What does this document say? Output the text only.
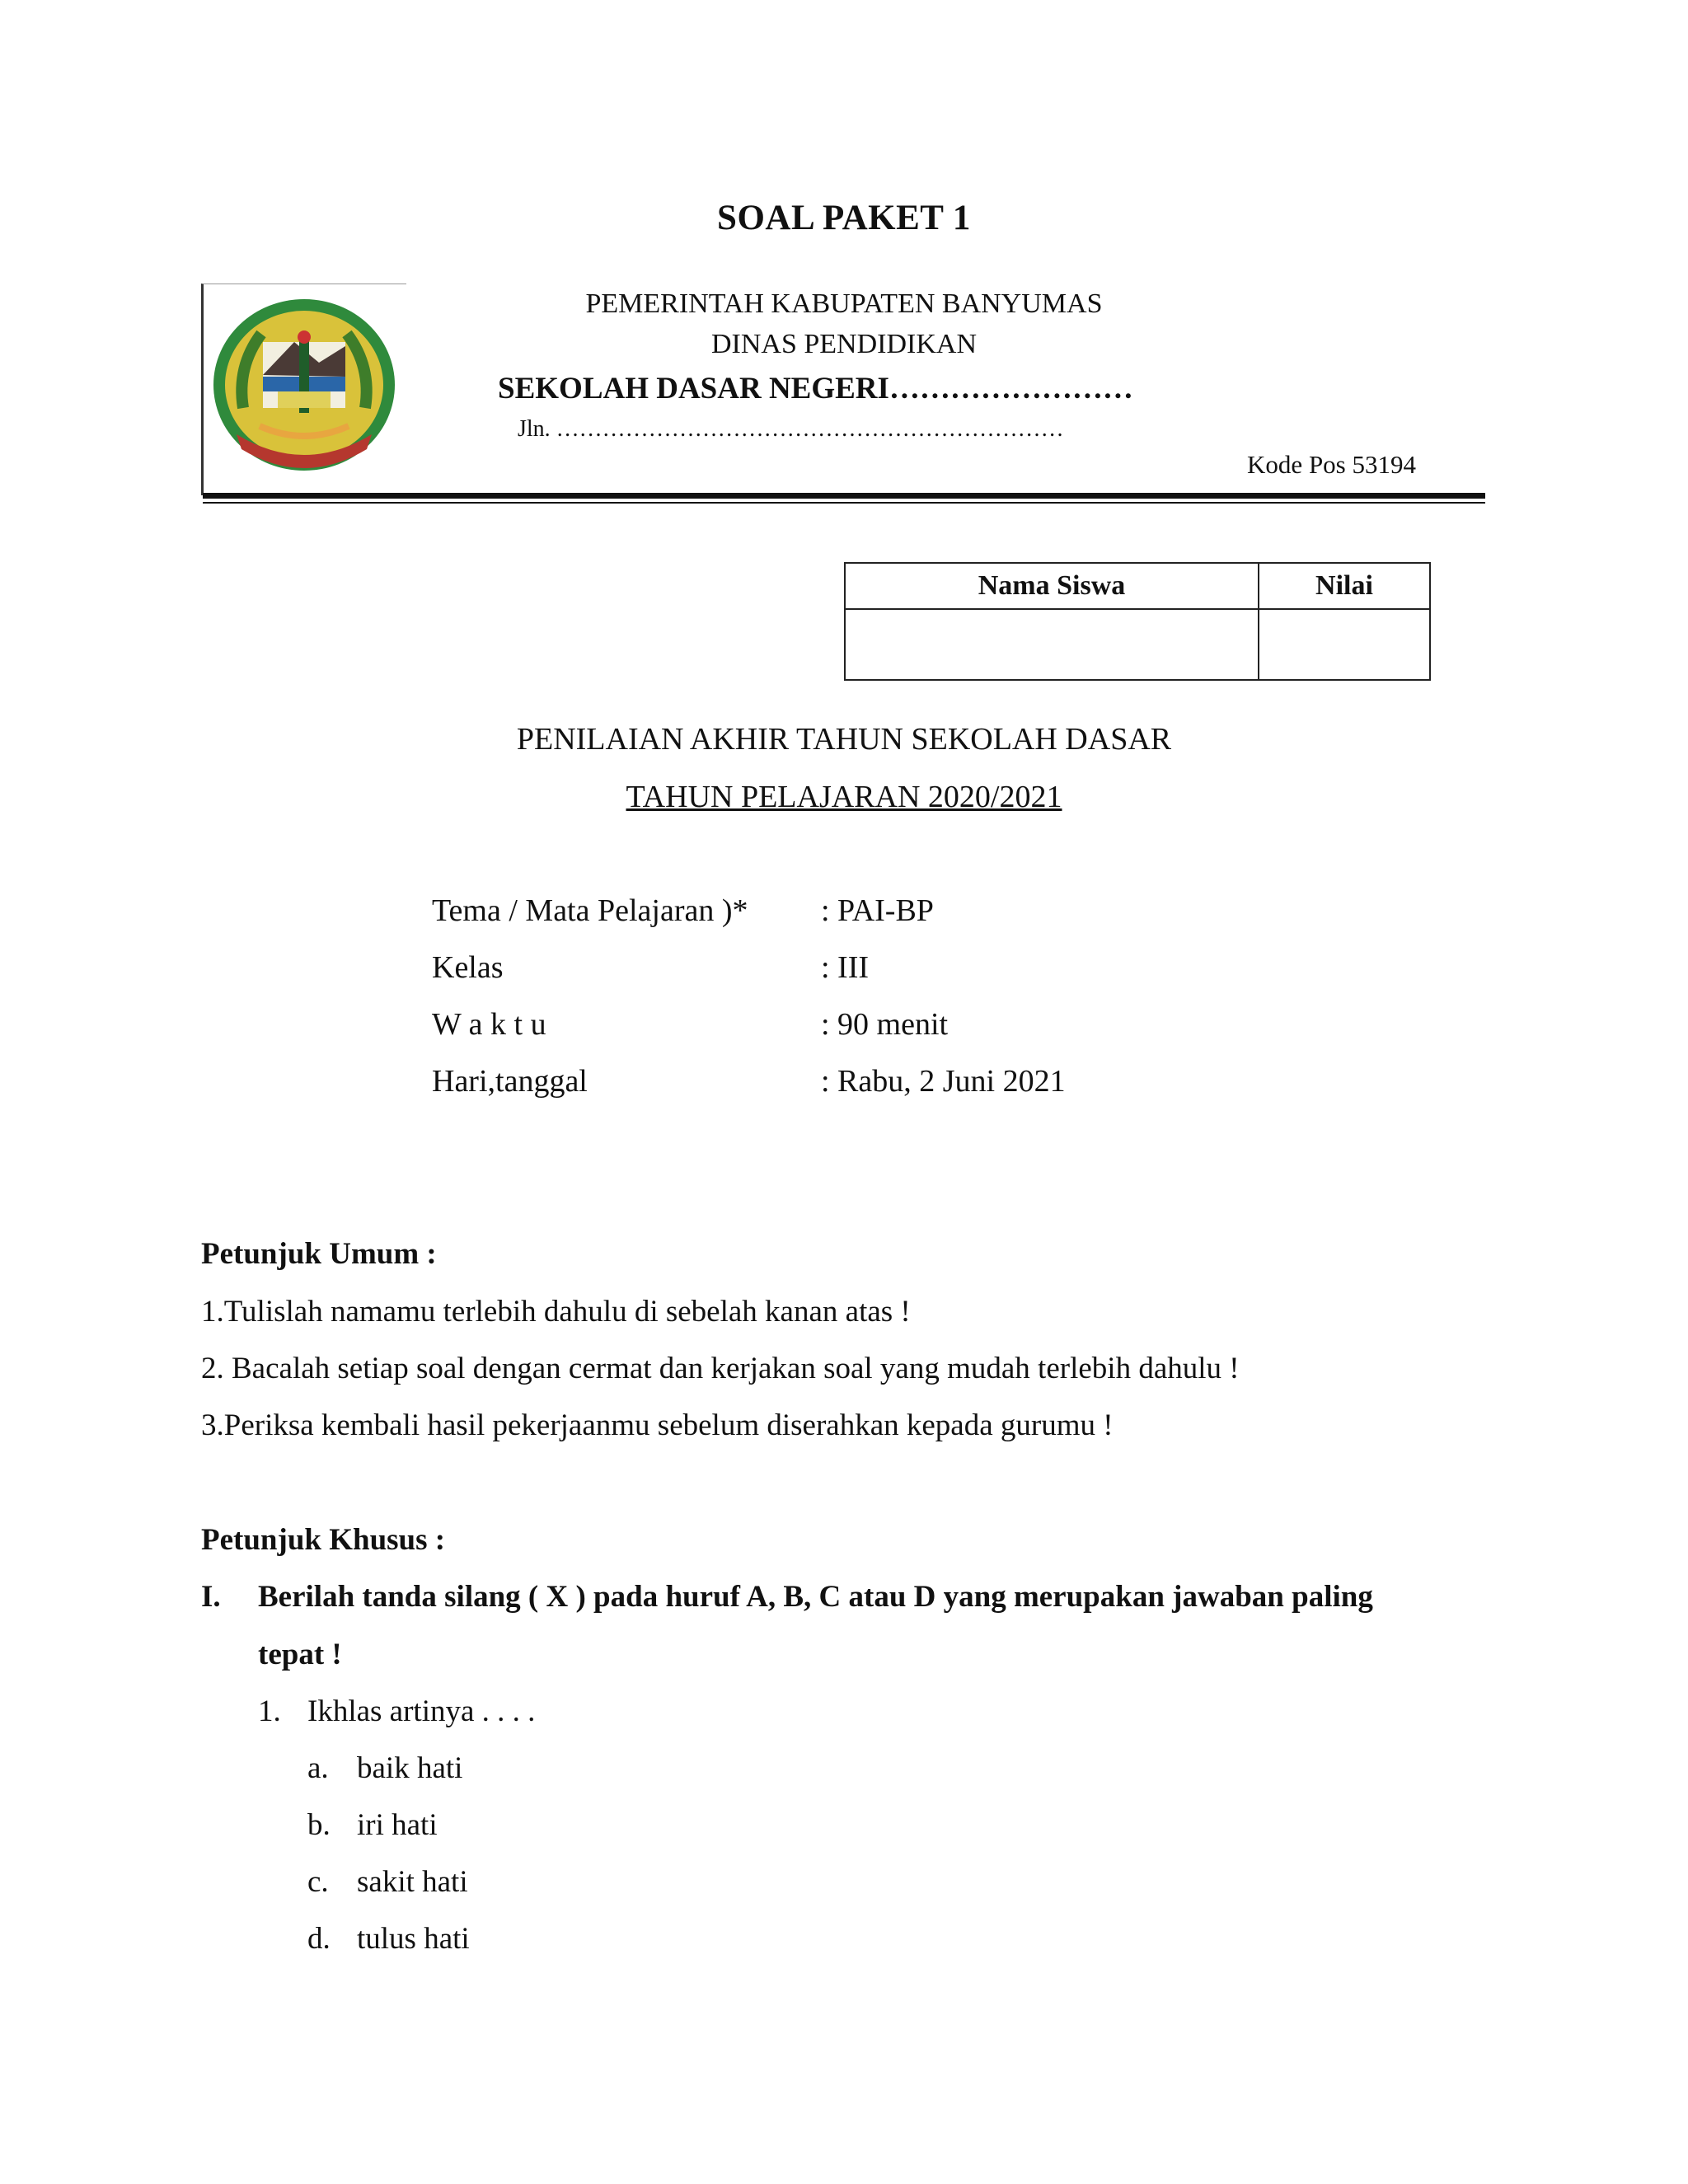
SOAL PAKET 1
PEMERINTAH KABUPATEN BANYUMAS
DINAS PENDIDIKAN
SEKOLAH DASAR NEGERI……………………
Jln. …………………………………………………………
Kode Pos 53194
Nama Siswa	Nilai

PENILAIAN AKHIR TAHUN SEKOLAH DASAR
TAHUN PELAJARAN 2020/2021
Tema / Mata Pelajaran )* : PAI-BP
Kelas	: III
W a k t u	: 90 menit
Hari,tanggal	: Rabu, 2 Juni 2021
Petunjuk Umum :
1.Tulislah namamu terlebih dahulu di sebelah kanan atas !
2. Bacalah setiap soal dengan cermat dan kerjakan soal yang mudah terlebih dahulu !
3.Periksa kembali hasil pekerjaanmu sebelum diserahkan kepada gurumu !
Petunjuk Khusus :
I. Berilah tanda silang ( X ) pada huruf A, B, C atau D yang merupakan jawaban paling
tepat !
1. Ikhlas artinya . . . .
a. baik hati
b. iri hati
c. sakit hati
d. tulus hati
